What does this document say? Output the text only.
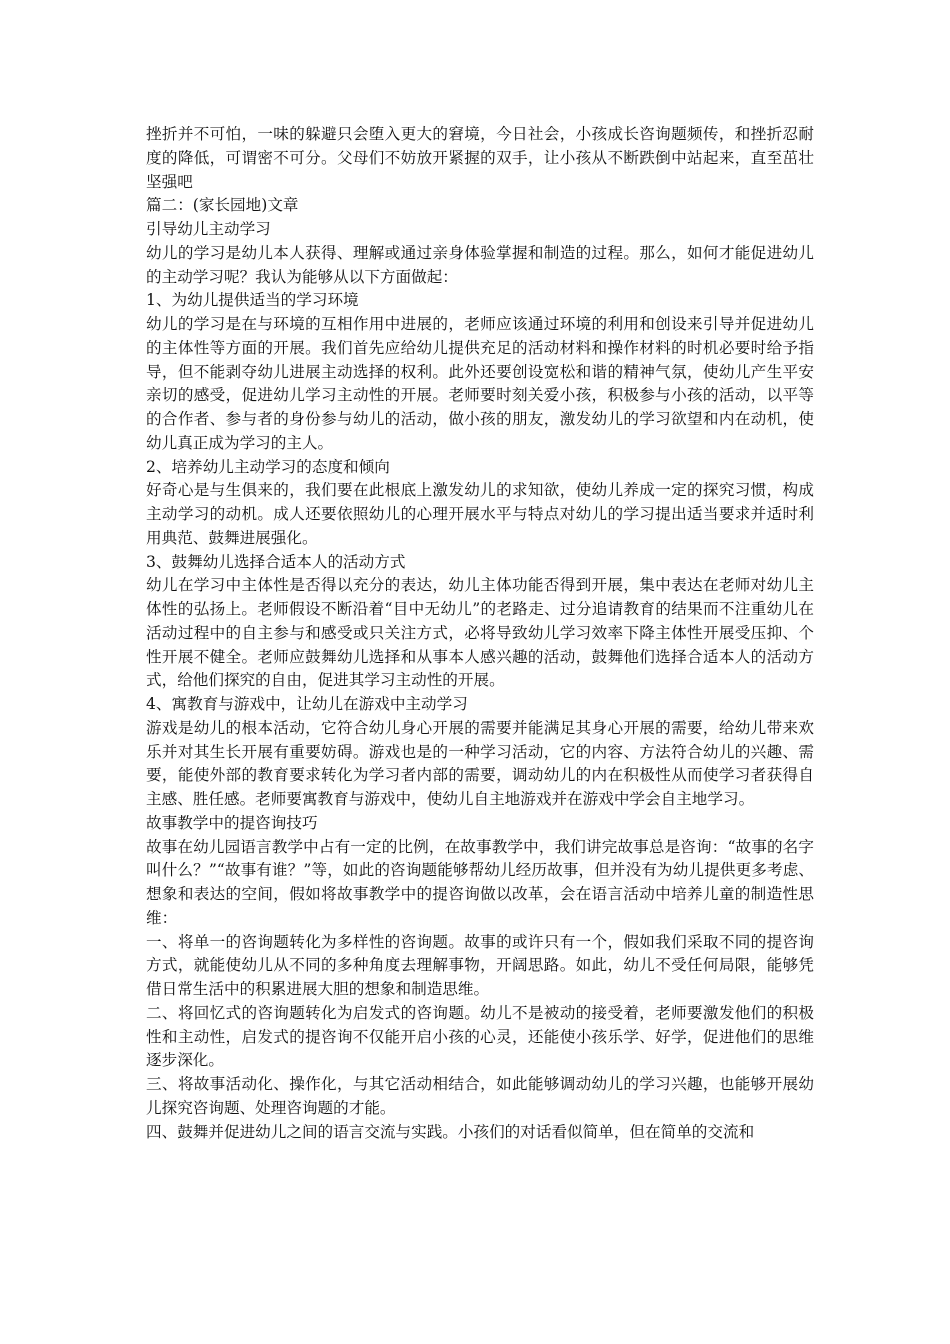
挫折并不可怕，一味的躲避只会堕入更大的窘境，今日社会，小孩成长咨询题频传，和挫折忍耐度的降低，可谓密不可分。父母们不妨放开紧握的双手，让小孩从不断跌倒中站起来，直至茁壮坚强吧

篇二：(家长园地)文章

引导幼儿主动学习

幼儿的学习是幼儿本人获得、理解或通过亲身体验掌握和制造的过程。那么，如何才能促进幼儿的主动学习呢？我认为能够从以下方面做起：

1、为幼儿提供适当的学习环境

幼儿的学习是在与环境的互相作用中进展的，老师应该通过环境的利用和创设来引导并促进幼儿的主体性等方面的开展。我们首先应给幼儿提供充足的活动材料和操作材料的时机必要时给予指导，但不能剥夺幼儿进展主动选择的权利。此外还要创设宽松和谐的精神气氛，使幼儿产生平安亲切的感受，促进幼儿学习主动性的开展。老师要时刻关爱小孩，积极参与小孩的活动，以平等的合作者、参与者的身份参与幼儿的活动，做小孩的朋友，激发幼儿的学习欲望和内在动机，使幼儿真正成为学习的主人。

2、培养幼儿主动学习的态度和倾向

好奇心是与生俱来的，我们要在此根底上激发幼儿的求知欲，使幼儿养成一定的探究习惯，构成主动学习的动机。成人还要依照幼儿的心理开展水平与特点对幼儿的学习提出适当要求并适时利用典范、鼓舞进展强化。

3、鼓舞幼儿选择合适本人的活动方式

幼儿在学习中主体性是否得以充分的表达，幼儿主体功能否得到开展，集中表达在老师对幼儿主体性的弘扬上。老师假设不断沿着“目中无幼儿”的老路走、过分追请教育的结果而不注重幼儿在活动过程中的自主参与和感受或只关注方式，必将导致幼儿学习效率下降主体性开展受压抑、个性开展不健全。老师应鼓舞幼儿选择和从事本人感兴趣的活动，鼓舞他们选择合适本人的活动方式，给他们探究的自由，促进其学习主动性的开展。

4、寓教育与游戏中，让幼儿在游戏中主动学习

游戏是幼儿的根本活动，它符合幼儿身心开展的需要并能满足其身心开展的需要，给幼儿带来欢乐并对其生长开展有重要妨碍。游戏也是的一种学习活动，它的内容、方法符合幼儿的兴趣、需要，能使外部的教育要求转化为学习者内部的需要，调动幼儿的内在积极性从而使学习者获得自主感、胜任感。老师要寓教育与游戏中，使幼儿自主地游戏并在游戏中学会自主地学习。

故事教学中的提咨询技巧

故事在幼儿园语言教学中占有一定的比例，在故事教学中，我们讲完故事总是咨询：“故事的名字叫什么？”“故事有谁？”等，如此的咨询题能够帮幼儿经历故事，但并没有为幼儿提供更多考虑、想象和表达的空间，假如将故事教学中的提咨询做以改革，会在语言活动中培养儿童的制造性思维：

一、将单一的咨询题转化为多样性的咨询题。故事的或许只有一个，假如我们采取不同的提咨询方式，就能使幼儿从不同的多种角度去理解事物，开阔思路。如此，幼儿不受任何局限，能够凭借日常生活中的积累进展大胆的想象和制造思维。

二、将回忆式的咨询题转化为启发式的咨询题。幼儿不是被动的接受着，老师要激发他们的积极性和主动性，启发式的提咨询不仅能开启小孩的心灵，还能使小孩乐学、好学，促进他们的思维逐步深化。

三、将故事活动化、操作化，与其它活动相结合，如此能够调动幼儿的学习兴趣，也能够开展幼儿探究咨询题、处理咨询题的才能。

四、鼓舞并促进幼儿之间的语言交流与实践。小孩们的对话看似简单，但在简单的交流和
